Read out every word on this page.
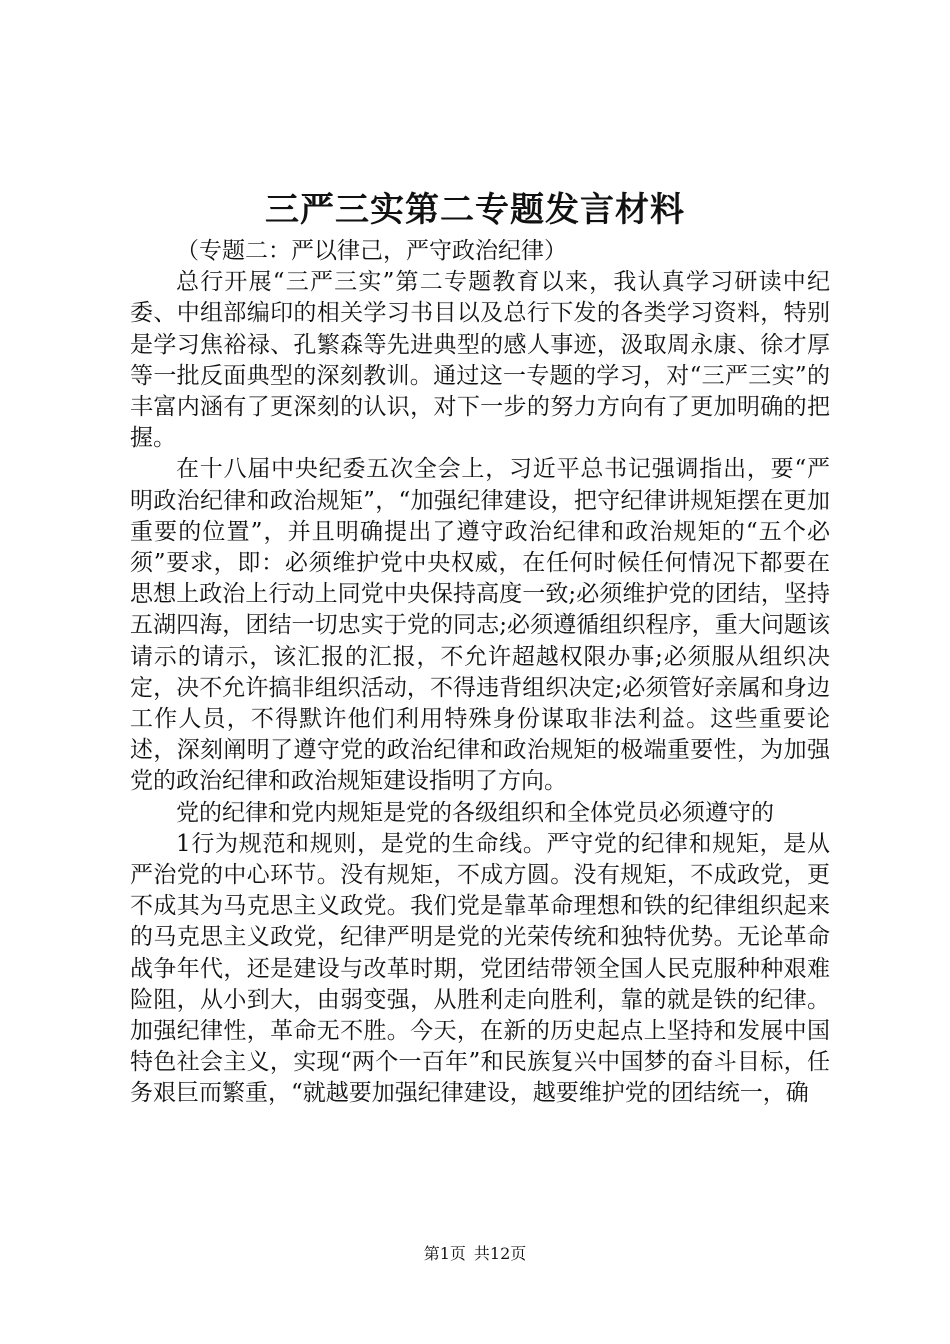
三严三实第二专题发言材料

（专题二：严以律己，严守政治纪律）

总行开展“三严三实”第二专题教育以来，我认真学习研读中纪委、中组部编印的相关学习书目以及总行下发的各类学习资料，特别是学习焦裕禄、孔繁森等先进典型的感人事迹，汲取周永康、徐才厚等一批反面典型的深刻教训。通过这一专题的学习，对“三严三实”的丰富内涵有了更深刻的认识，对下一步的努力方向有了更加明确的把握。

在十八届中央纪委五次全会上，习近平总书记强调指出，要“严明政治纪律和政治规矩”，“加强纪律建设，把守纪律讲规矩摆在更加重要的位置”，并且明确提出了遵守政治纪律和政治规矩的“五个必须”要求，即：必须维护党中央权威，在任何时候任何情况下都要在思想上政治上行动上同党中央保持高度一致;必须维护党的团结，坚持五湖四海，团结一切忠实于党的同志;必须遵循组织程序，重大问题该请示的请示，该汇报的汇报，不允许超越权限办事;必须服从组织决定，决不允许搞非组织活动，不得违背组织决定;必须管好亲属和身边工作人员，不得默许他们利用特殊身份谋取非法利益。这些重要论述，深刻阐明了遵守党的政治纪律和政治规矩的极端重要性，为加强党的政治纪律和政治规矩建设指明了方向。

党的纪律和党内规矩是党的各级组织和全体党员必须遵守的

1行为规范和规则，是党的生命线。严守党的纪律和规矩，是从严治党的中心环节。没有规矩，不成方圆。没有规矩，不成政党，更不成其为马克思主义政党。我们党是靠革命理想和铁的纪律组织起来的马克思主义政党，纪律严明是党的光荣传统和独特优势。无论革命战争年代，还是建设与改革时期，党团结带领全国人民克服种种艰难险阻，从小到大，由弱变强，从胜利走向胜利，靠的就是铁的纪律。加强纪律性，革命无不胜。今天，在新的历史起点上坚持和发展中国特色社会主义，实现“两个一百年”和民族复兴中国梦的奋斗目标，任务艰巨而繁重，“就越要加强纪律建设，越要维护党的团结统一，确

第1页 共12页
